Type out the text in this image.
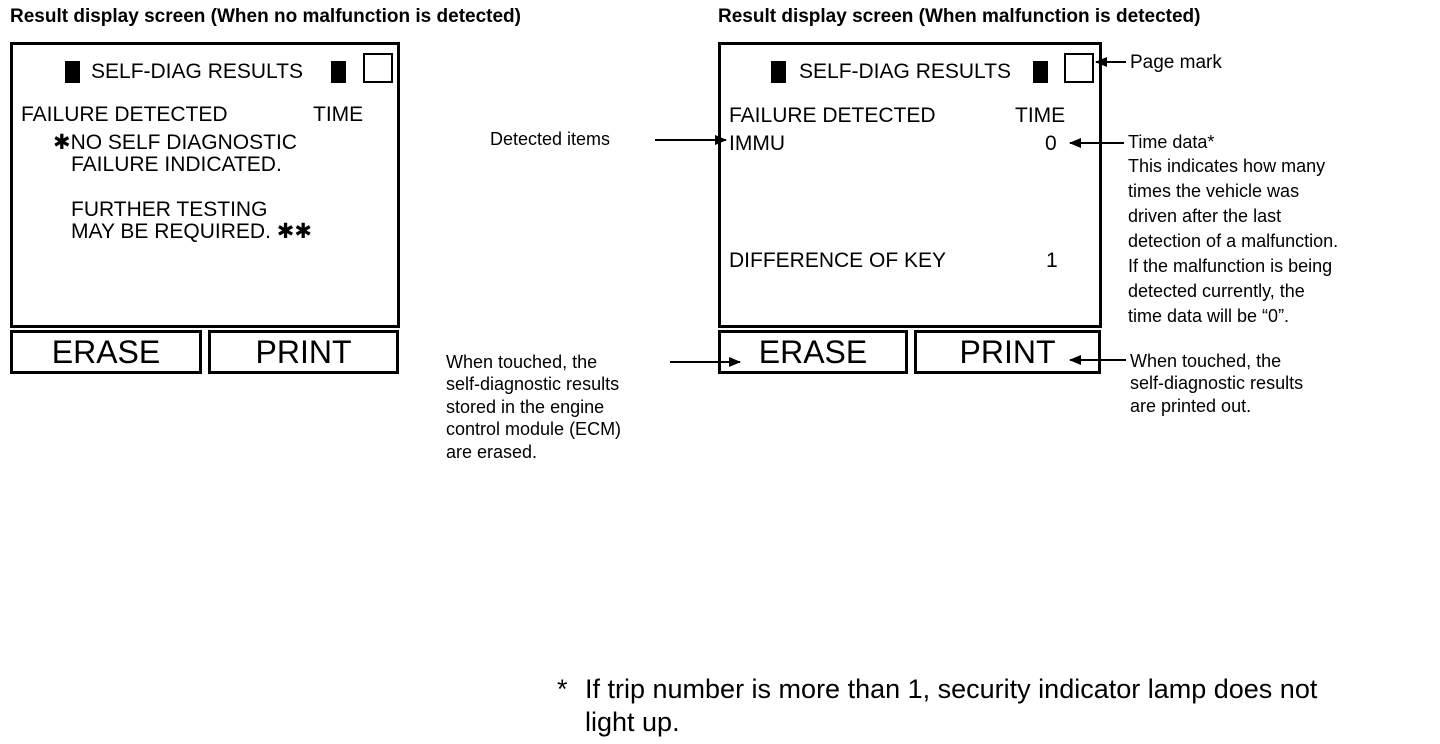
Result display screen (When no malfunction is detected)	Result display screen (When malfunction is detected)
SELF-DIAG RESULTS
FAILURE DETECTED	TIME
✱NO SELF DIAGNOSTIC
FAILURE INDICATED.
FURTHER TESTING
MAY BE REQUIRED. ✱✱
ERASE	PRINT
SELF-DIAG RESULTS
FAILURE DETECTED	TIME
IMMU	0
DIFFERENCE OF KEY	1
ERASE	PRINT
Page mark
Detected items	Time data*
This indicates how many
times the vehicle was
driven after the last
detection of a malfunction.
If the malfunction is being
detected currently, the
time data will be “0”.
When touched, the
self-diagnostic results
stored in the engine
control module (ECM)
are erased.
When touched, the
self-diagnostic results
are printed out.
* If trip number is more than 1, security indicator lamp does not
light up.
